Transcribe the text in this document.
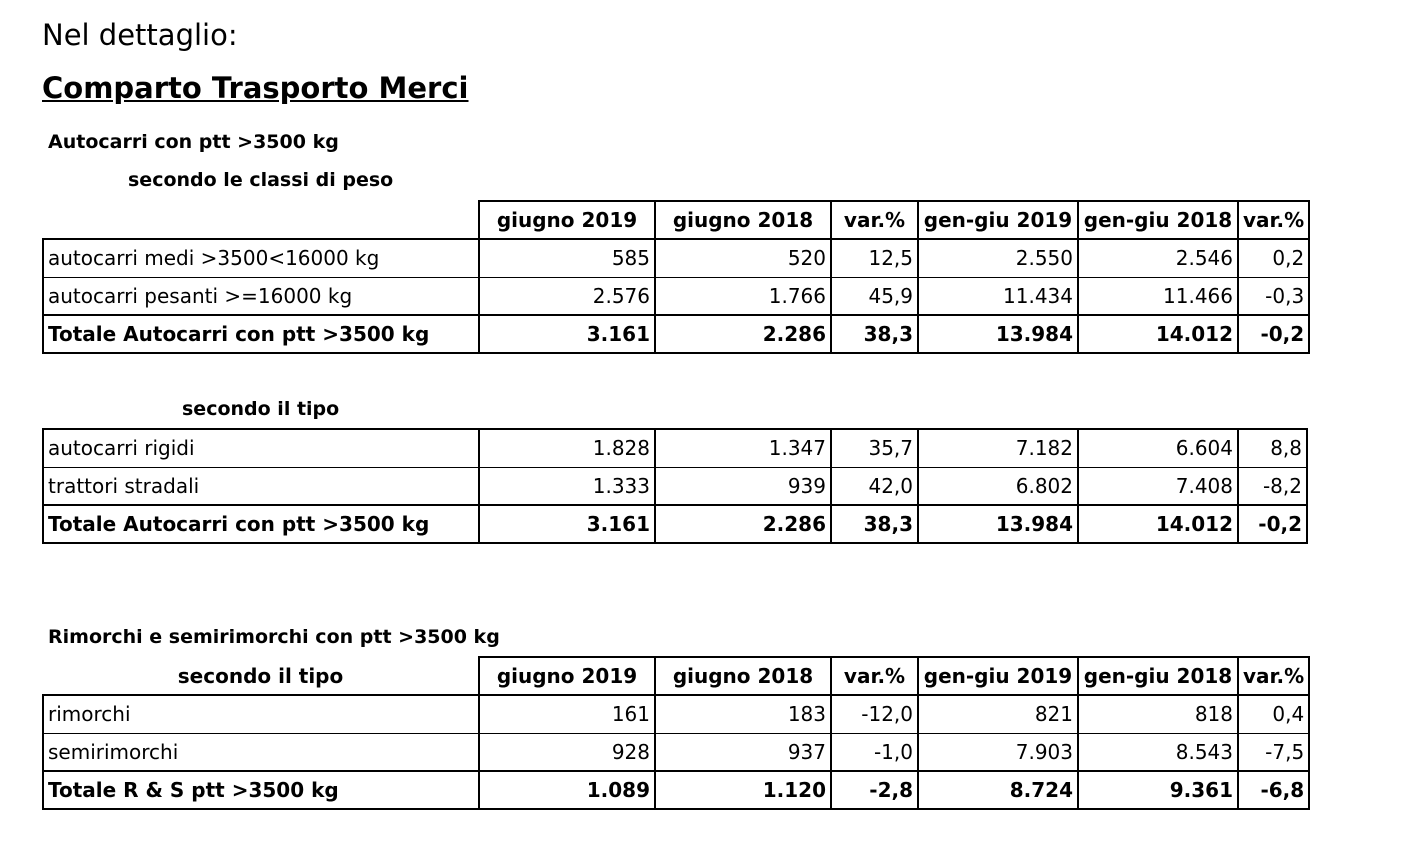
Nel dettaglio:
Comparto Trasporto Merci
Autocarri con ptt >3500 kg
secondo le classi di peso
	giugno 2019	giugno 2018	var.%	gen-giu 2019	gen-giu 2018	var.%
autocarri medi >3500<16000 kg	585	520	12,5	2.550	2.546	0,2
autocarri pesanti >=16000 kg	2.576	1.766	45,9	11.434	11.466	-0,3
Totale Autocarri con ptt >3500 kg	3.161	2.286	38,3	13.984	14.012	-0,2
secondo il tipo
autocarri rigidi	1.828	1.347	35,7	7.182	6.604	8,8
trattori stradali	1.333	939	42,0	6.802	7.408	-8,2
Totale Autocarri con ptt >3500 kg	3.161	2.286	38,3	13.984	14.012	-0,2
Rimorchi e semirimorchi con ptt >3500 kg
secondo il tipo	giugno 2019	giugno 2018	var.%	gen-giu 2019	gen-giu 2018	var.%
rimorchi	161	183	-12,0	821	818	0,4
semirimorchi	928	937	-1,0	7.903	8.543	-7,5
Totale R & S ptt >3500 kg	1.089	1.120	-2,8	8.724	9.361	-6,8
